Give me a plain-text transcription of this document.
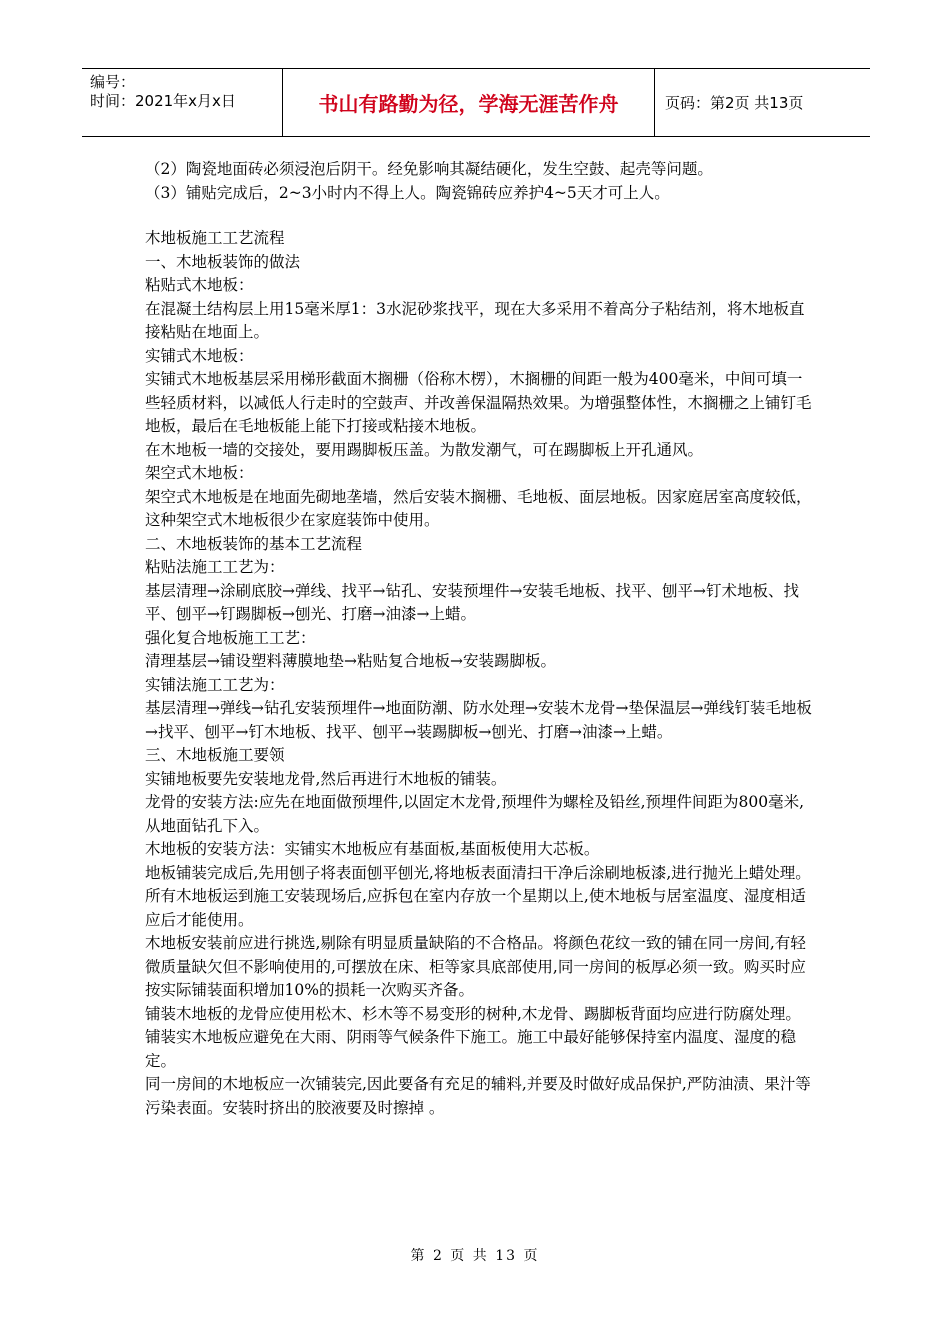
编号：
时间：2021年x月x日	书山有路勤为径，学海无涯苦作舟	页码：第2页 共13页

（2）陶瓷地面砖必须浸泡后阴干。经免影响其凝结硬化，发生空鼓、起壳等问题。

（3）铺贴完成后，2~3小时内不得上人。陶瓷锦砖应养护4~5天才可上人。

木地板施工工艺流程

一、木地板装饰的做法

粘贴式木地板：

在混凝土结构层上用15毫米厚1：3水泥砂浆找平，现在大多采用不着高分子粘结剂，将木地板直接粘贴在地面上。

实铺式木地板：

实铺式木地板基层采用梯形截面木搁栅（俗称木楞），木搁栅的间距一般为400毫米，中间可填一些轻质材料，以减低人行走时的空鼓声、并改善保温隔热效果。为增强整体性，木搁栅之上铺钉毛地板，最后在毛地板能上能下打接或粘接木地板。

在木地板一墙的交接处，要用踢脚板压盖。为散发潮气，可在踢脚板上开孔通风。

架空式木地板：

架空式木地板是在地面先砌地垄墙，然后安装木搁栅、毛地板、面层地板。因家庭居室高度较低，这种架空式木地板很少在家庭装饰中使用。

二、木地板装饰的基本工艺流程

粘贴法施工工艺为：

基层清理→涂刷底胶→弹线、找平→钻孔、安装预埋件→安装毛地板、找平、刨平→钉术地板、找平、刨平→钉踢脚板→刨光、打磨→油漆→上蜡。

强化复合地板施工工艺：

清理基层→铺设塑料薄膜地垫→粘贴复合地板→安装踢脚板。

实铺法施工工艺为：

基层清理→弹线→钻孔安装预埋件→地面防潮、防水处理→安装木龙骨→垫保温层→弹线钉装毛地板→找平、刨平→钉木地板、找平、刨平→装踢脚板→刨光、打磨→油漆→上蜡。

三、木地板施工要领

实铺地板要先安装地龙骨,然后再进行木地板的铺装。

龙骨的安装方法:应先在地面做预埋件,以固定木龙骨,预埋件为螺栓及铅丝,预埋件间距为800毫米,从地面钻孔下入。

木地板的安装方法：实铺实木地板应有基面板,基面板使用大芯板。

地板铺装完成后,先用刨子将表面刨平刨光,将地板表面清扫干净后涂刷地板漆,进行抛光上蜡处理。

所有木地板运到施工安装现场后,应拆包在室内存放一个星期以上,使木地板与居室温度、湿度相适应后才能使用。

木地板安装前应进行挑选,剔除有明显质量缺陷的不合格品。将颜色花纹一致的铺在同一房间,有轻微质量缺欠但不影响使用的,可摆放在床、柜等家具底部使用,同一房间的板厚必须一致。购买时应按实际铺装面积增加10%的损耗一次购买齐备。

铺装木地板的龙骨应使用松木、杉木等不易变形的树种,木龙骨、踢脚板背面均应进行防腐处理。

铺装实木地板应避免在大雨、阴雨等气候条件下施工。施工中最好能够保持室内温度、湿度的稳定。

同一房间的木地板应一次铺装完,因此要备有充足的辅料,并要及时做好成品保护,严防油渍、果汁等污染表面。安装时挤出的胶液要及时擦掉 。

第 2 页 共 13 页
